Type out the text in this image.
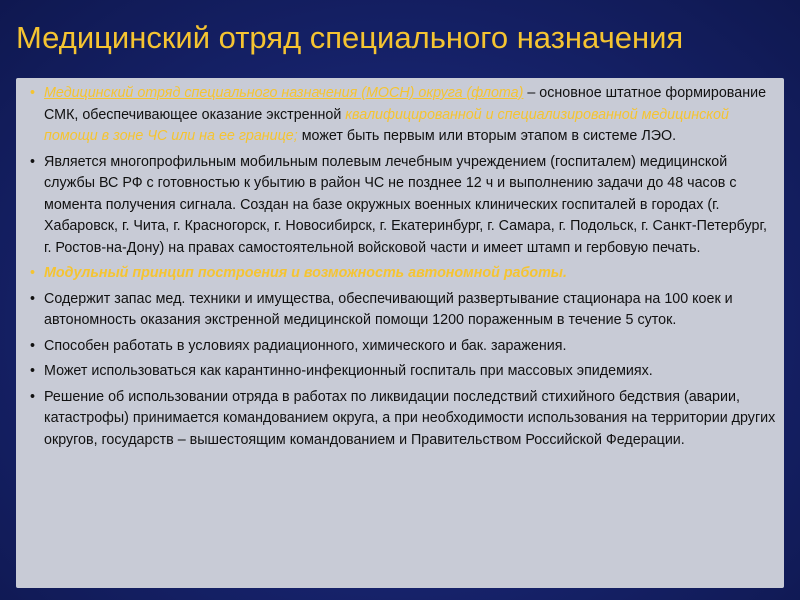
Медицинский отряд специального назначения
• Медицинский отряд специального назначения (МОСН) округа (флота) – основное штатное формирование СМК, обеспечивающее оказание экстренной квалифицированной и специализированной медицинской помощи в зоне ЧС или на ее границе; может быть первым или вторым этапом в системе ЛЭО.
• Является многопрофильным мобильным полевым лечебным учреждением (госпиталем) медицинской службы ВС РФ с готовностью к убытию в район ЧС не позднее 12 ч и выполнению задачи до 48 часов с момента получения сигнала. Создан на базе окружных военных клинических госпиталей в городах (г. Хабаровск, г. Чита, г. Красногорск, г. Новосибирск, г. Екатеринбург, г. Самара, г. Подольск, г. Санкт-Петербург, г. Ростов-на-Дону) на правах самостоятельной войсковой части и имеет штамп и гербовую печать.
• Модульный принцип построения и возможность автономной работы.
• Содержит запас мед. техники и имущества, обеспечивающий развертывание стационара на 100 коек и автономность оказания экстренной медицинской помощи 1200 пораженным в течение 5 суток.
• Способен работать в условиях радиационного, химического и бак. заражения.
• Может использоваться как карантинно-инфекционный госпиталь при массовых эпидемиях.
• Решение об использовании отряда в работах по ликвидации последствий стихийного бедствия (аварии, катастрофы) принимается командованием округа, а при необходимости использования на территории других округов, государств – вышестоящим командованием и Правительством Российской Федерации.
